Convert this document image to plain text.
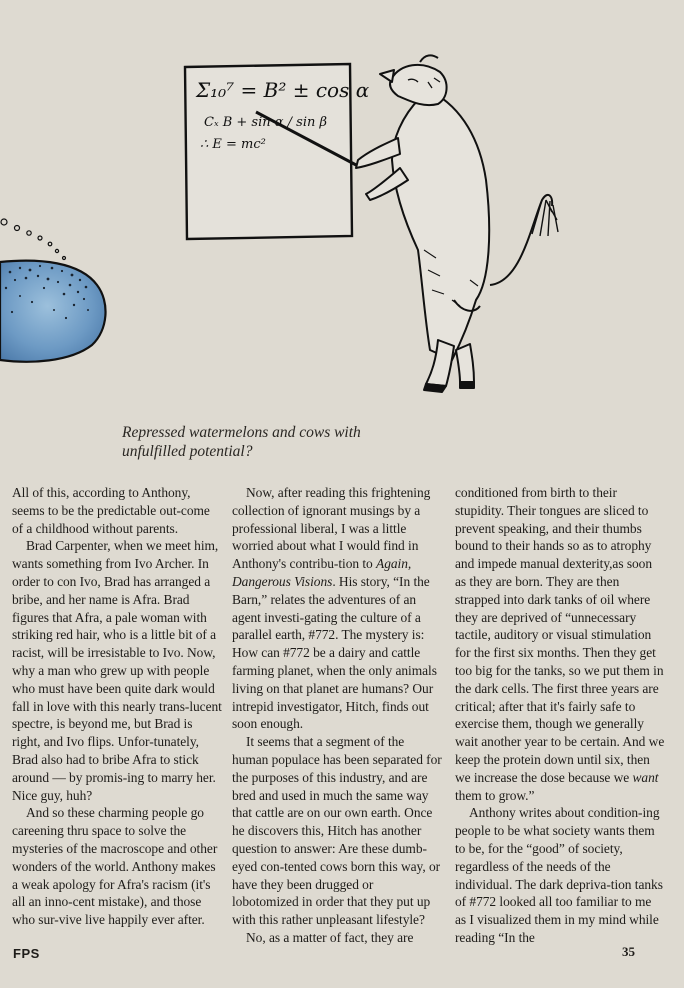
Σ₁₀⁷ = B² ± cos α
Cₓ B + sin α / sin β
∴ E = mc²
Repressed watermelons and cows with
unfulfilled potential?

All of this, according to Anthony, seems to be the predictable out-come of a childhood without parents.

Brad Carpenter, when we meet him, wants something from Ivo Archer. In order to con Ivo, Brad has arranged a bribe, and her name is Afra. Brad figures that Afra, a pale woman with striking red hair, who is a little bit of a racist, will be irresistable to Ivo. Now, why a man who grew up with people who must have been quite dark would fall in love with this nearly trans-lucent spectre, is beyond me, but Brad is right, and Ivo flips. Unfor-tunately, Brad also had to bribe Afra to stick around — by promis-ing to marry her. Nice guy, huh?

And so these charming people go careening thru space to solve the mysteries of the macroscope and other wonders of the world. Anthony makes a weak apology for Afra's racism (it's all an inno-cent mistake), and those who sur-vive live happily ever after.

Now, after reading this frightening collection of ignorant musings by a professional liberal, I was a little worried about what I would find in Anthony's contribu-tion to Again, Dangerous Visions. His story, “In the Barn,” relates the adventures of an agent investi-gating the culture of a parallel earth, #772. The mystery is: How can #772 be a dairy and cattle farming planet, when the only animals living on that planet are humans? Our intrepid investigator, Hitch, finds out soon enough.

It seems that a segment of the human populace has been separated for the purposes of this industry, and are bred and used in much the same way that cattle are on our own earth. Once he discovers this, Hitch has another question to answer: Are these dumb-eyed con-tented cows born this way, or have they been drugged or lobotomized in order that they put up with this rather unpleasant lifestyle?

No, as a matter of fact, they are

conditioned from birth to their stupidity. Their tongues are sliced to prevent speaking, and their thumbs bound to their hands so as to atrophy and impede manual dexterity,as soon as they are born. They are then strapped into dark tanks of oil where they are deprived of “unnecessary tactile, auditory or visual stimulation for the first six months. Then they get too big for the tanks, so we put them in the dark cells. The first three years are critical; after that it's fairly safe to exercise them, though we generally wait another year to be certain. And we keep the protein down until six, then we increase the dose because we want them to grow.”

Anthony writes about condition-ing people to be what society wants them to be, for the “good” of society, regardless of the needs of the individual. The dark depriva-tion tanks of #772 looked all too familiar to me as I visualized them in my mind while reading “In the

FPS	35
